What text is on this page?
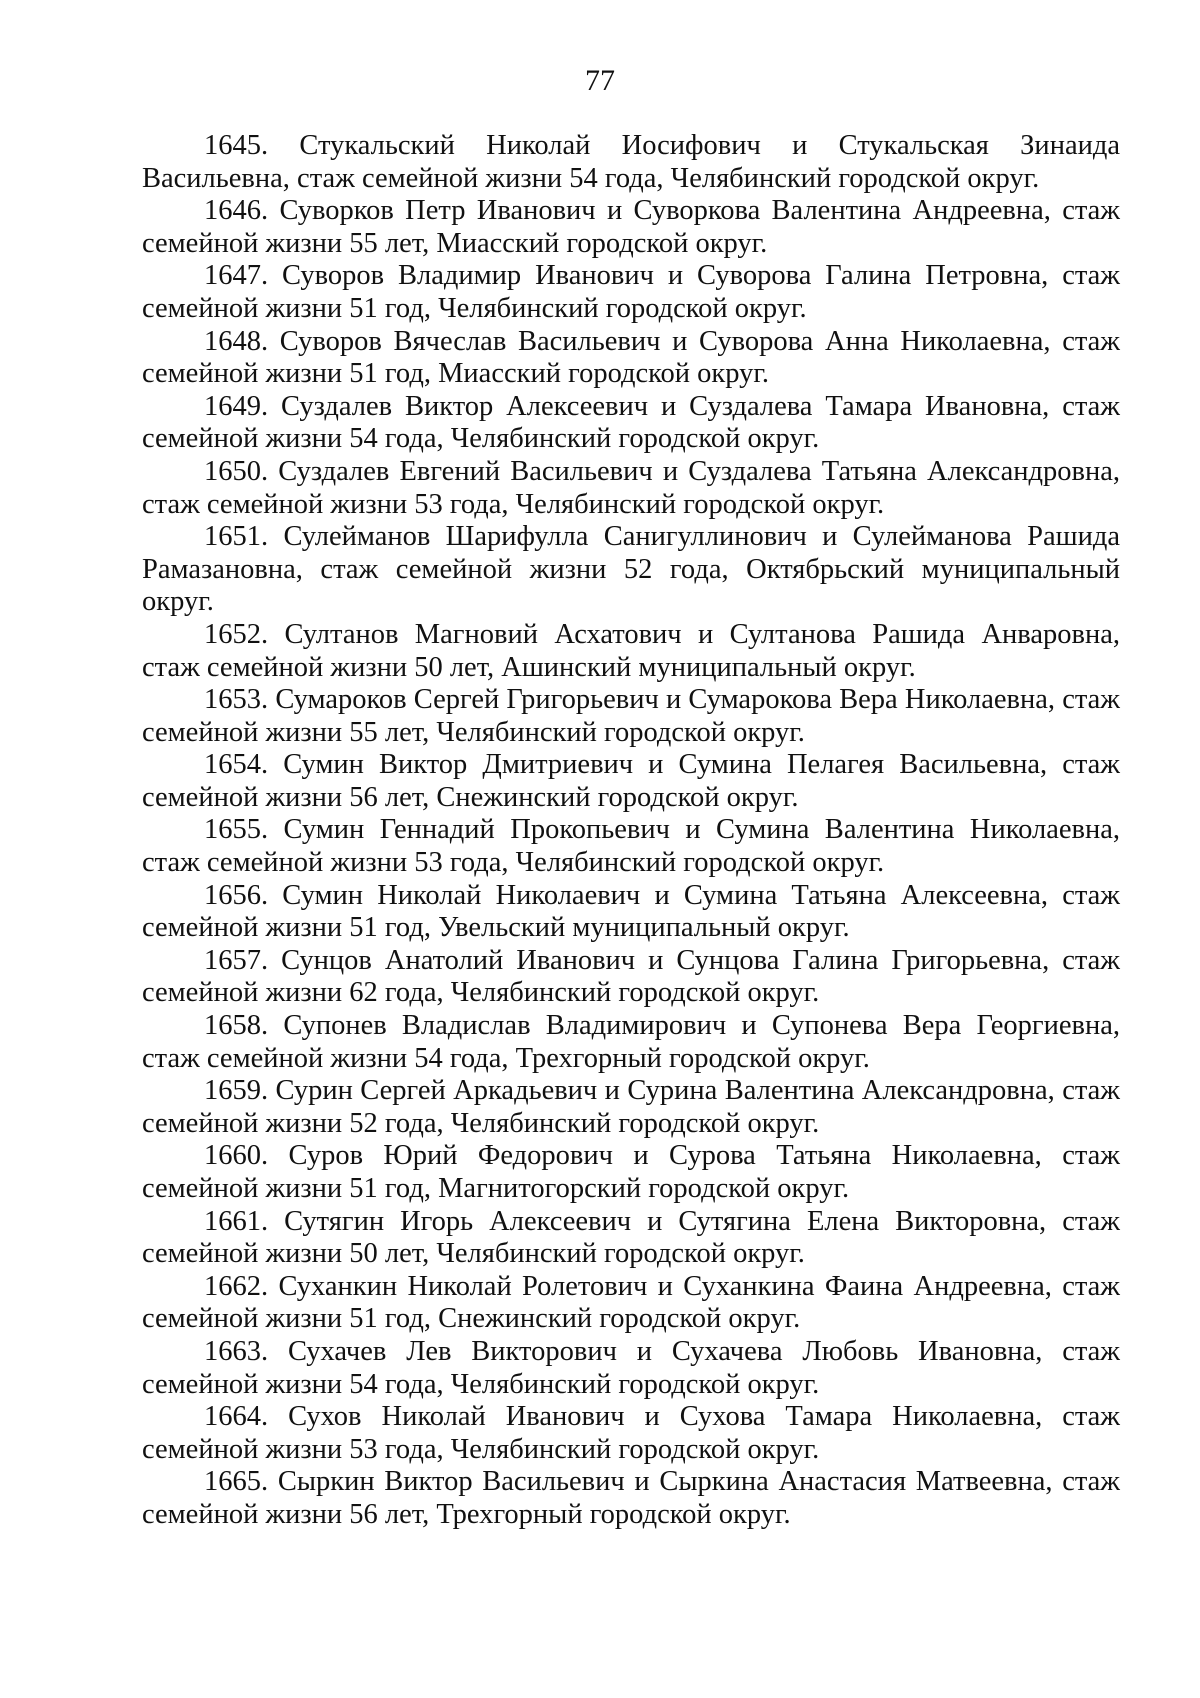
77
1645. Стукальский Николай Иосифович и Стукальская Зинаида Васильевна, стаж семейной жизни 54 года, Челябинский городской округ.
1646. Суворков Петр Иванович и Суворкова Валентина Андреевна, стаж семейной жизни 55 лет, Миасский городской округ.
1647. Суворов Владимир Иванович и Суворова Галина Петровна, стаж семейной жизни 51 год, Челябинский городской округ.
1648. Суворов Вячеслав Васильевич и Суворова Анна Николаевна, стаж семейной жизни 51 год, Миасский городской округ.
1649. Суздалев Виктор Алексеевич и Суздалева Тамара Ивановна, стаж семейной жизни 54 года, Челябинский городской округ.
1650. Суздалев Евгений Васильевич и Суздалева Татьяна Александровна, стаж семейной жизни 53 года, Челябинский городской округ.
1651. Сулейманов Шарифулла Санигуллинович и Сулейманова Рашида Рамазановна, стаж семейной жизни 52 года, Октябрьский муниципальный округ.
1652. Султанов Магновий Асхатович и Султанова Рашида Анваровна, стаж семейной жизни 50 лет, Ашинский муниципальный округ.
1653. Сумароков Сергей Григорьевич и Сумарокова Вера Николаевна, стаж семейной жизни 55 лет, Челябинский городской округ.
1654. Сумин Виктор Дмитриевич и Сумина Пелагея Васильевна, стаж семейной жизни 56 лет, Снежинский городской округ.
1655. Сумин Геннадий Прокопьевич и Сумина Валентина Николаевна, стаж семейной жизни 53 года, Челябинский городской округ.
1656. Сумин Николай Николаевич и Сумина Татьяна Алексеевна, стаж семейной жизни 51 год, Увельский муниципальный округ.
1657. Сунцов Анатолий Иванович и Сунцова Галина Григорьевна, стаж семейной жизни 62 года, Челябинский городской округ.
1658. Супонев Владислав Владимирович и Супонева Вера Георгиевна, стаж семейной жизни 54 года, Трехгорный городской округ.
1659. Сурин Сергей Аркадьевич и Сурина Валентина Александровна, стаж семейной жизни 52 года, Челябинский городской округ.
1660. Суров Юрий Федорович и Сурова Татьяна Николаевна, стаж семейной жизни 51 год, Магнитогорский городской округ.
1661. Сутягин Игорь Алексеевич и Сутягина Елена Викторовна, стаж семейной жизни 50 лет, Челябинский городской округ.
1662. Суханкин Николай Ролетович и Суханкина Фаина Андреевна, стаж семейной жизни 51 год, Снежинский городской округ.
1663. Сухачев Лев Викторович и Сухачева Любовь Ивановна, стаж семейной жизни 54 года, Челябинский городской округ.
1664. Сухов Николай Иванович и Сухова Тамара Николаевна, стаж семейной жизни 53 года, Челябинский городской округ.
1665. Сыркин Виктор Васильевич и Сыркина Анастасия Матвеевна, стаж семейной жизни 56 лет, Трехгорный городской округ.
